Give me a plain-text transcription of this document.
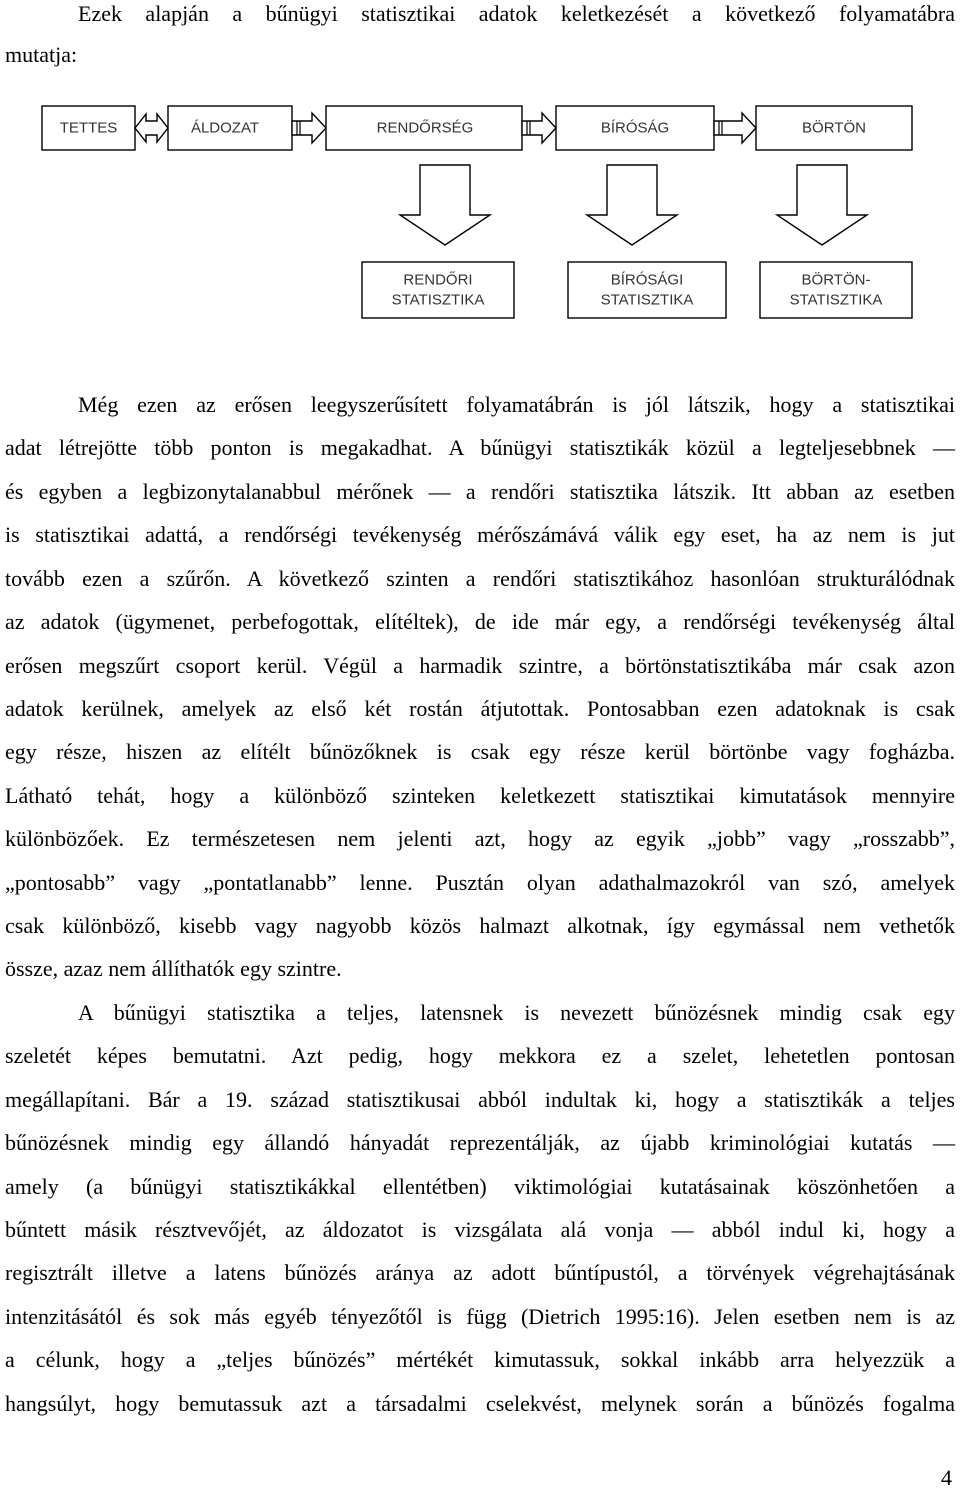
Ezek alapján a bűnügyi statisztikai adatok keletkezését a következő folyamatábra
mutatja:
TETTES	ÁLDOZAT	RENDŐRSÉG	BÍRÓSÁG	BÖRTÖN
RENDŐRI
STATISZTIKA
BÍRÓSÁGI
STATISZTIKA
BÖRTÖN-
STATISZTIKA
Még ezen az erősen leegyszerűsített folyamatábrán is jól látszik, hogy a statisztikai
adat létrejötte több ponton is megakadhat. A bűnügyi statisztikák közül a legteljesebbnek —
és egyben a legbizonytalanabbul mérőnek — a rendőri statisztika látszik. Itt abban az esetben
is statisztikai adattá, a rendőrségi tevékenység mérőszámává válik egy eset, ha az nem is jut
tovább ezen a szűrőn. A következő szinten a rendőri statisztikához hasonlóan strukturálódnak
az adatok (ügymenet, perbefogottak, elítéltek), de ide már egy, a rendőrségi tevékenység által
erősen megszűrt csoport kerül. Végül a harmadik szintre, a börtönstatisztikába már csak azon
adatok kerülnek, amelyek az első két rostán átjutottak. Pontosabban ezen adatoknak is csak
egy része, hiszen az elítélt bűnözőknek is csak egy része kerül börtönbe vagy fogházba.
Látható tehát, hogy a különböző szinteken keletkezett statisztikai kimutatások mennyire
különbözőek. Ez természetesen nem jelenti azt, hogy az egyik „jobb” vagy „rosszabb”,
„pontosabb” vagy „pontatlanabb” lenne. Pusztán olyan adathalmazokról van szó, amelyek
csak különböző, kisebb vagy nagyobb közös halmazt alkotnak, így egymással nem vethetők
össze, azaz nem állíthatók egy szintre.
A bűnügyi statisztika a teljes, latensnek is nevezett bűnözésnek mindig csak egy
szeletét képes bemutatni. Azt pedig, hogy mekkora ez a szelet, lehetetlen pontosan
megállapítani. Bár a 19. század statisztikusai abból indultak ki, hogy a statisztikák a teljes
bűnözésnek mindig egy állandó hányadát reprezentálják, az újabb kriminológiai kutatás —
amely (a bűnügyi statisztikákkal ellentétben) viktimológiai kutatásainak köszönhetően a
bűntett másik résztvevőjét, az áldozatot is vizsgálata alá vonja — abból indul ki, hogy a
regisztrált illetve a latens bűnözés aránya az adott bűntípustól, a törvények végrehajtásának
intenzitásától és sok más egyéb tényezőtől is függ (Dietrich 1995:16). Jelen esetben nem is az
a célunk, hogy a „teljes bűnözés” mértékét kimutassuk, sokkal inkább arra helyezzük a
hangsúlyt, hogy bemutassuk azt a társadalmi cselekvést, melynek során a bűnözés fogalma
4
